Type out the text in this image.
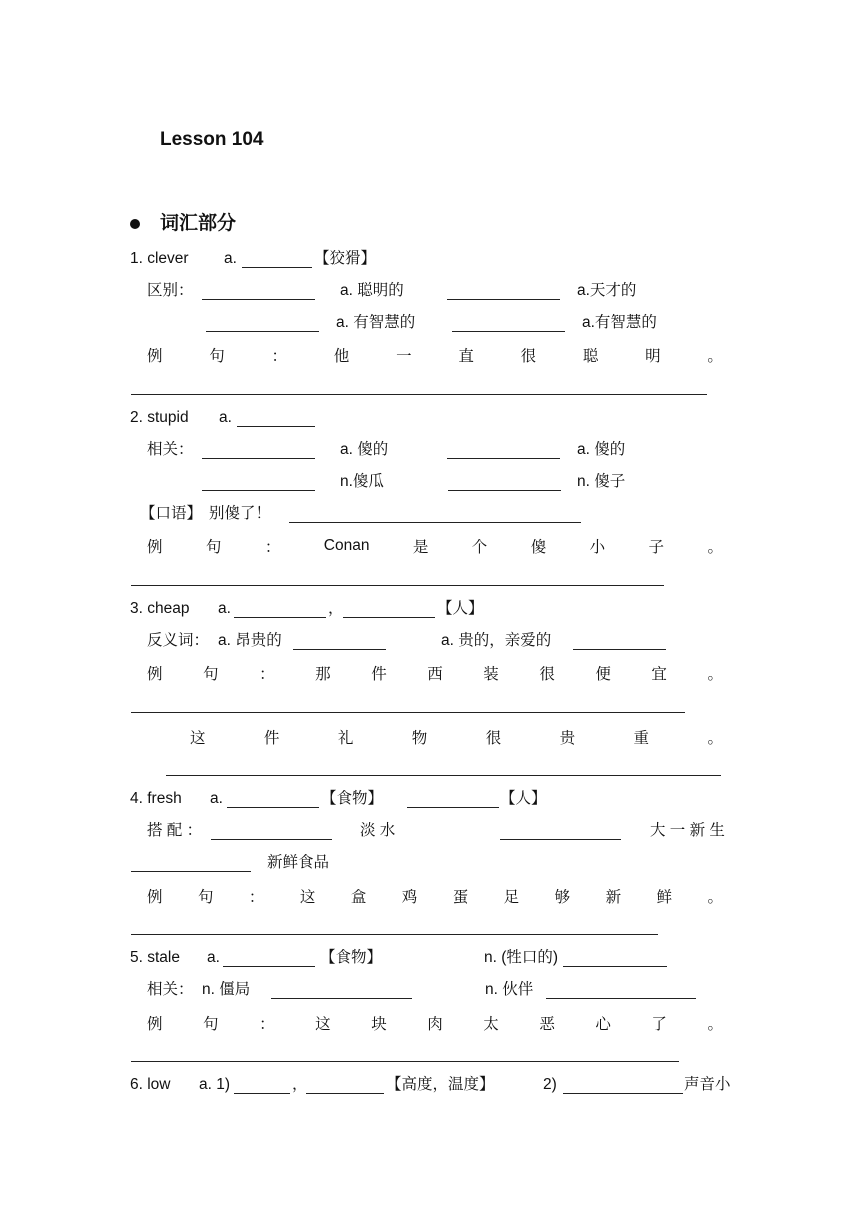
Lesson 104
词汇部分
1. clever a.	【狡猾】
区别：	a. 聪明的	a.天才的
a. 有智慧的	a.有智慧的
例	句	：	他	一	直	很	聪	明	。
2. stupid a.
相关：	a. 傻的	a. 傻的
n.傻瓜	n. 傻子
【口语】 别傻了！
例	句	：	Conan	是	个	傻	小	子	。
3. cheap a.	，	【人】
反义词： a. 昂贵的	a. 贵的，亲爱的
例	句	：	那	件	西	装	很	便	宜	。
这	件	礼	物	很	贵	重	。
4. fresh a.	【食物】	【人】
搭 配 ：	淡 水	大 一 新 生
新鲜食品
例 句 ： 这 盒 鸡 蛋 足 够 新 鲜 。
5. stale a.	【食物】	n. (牲口的)
相关： n. 僵局	n. 伙伴
例	句	：	这	块	肉	太	恶	心	了	。
6. low a. 1)	，	【高度，温度】	2)	声音小
